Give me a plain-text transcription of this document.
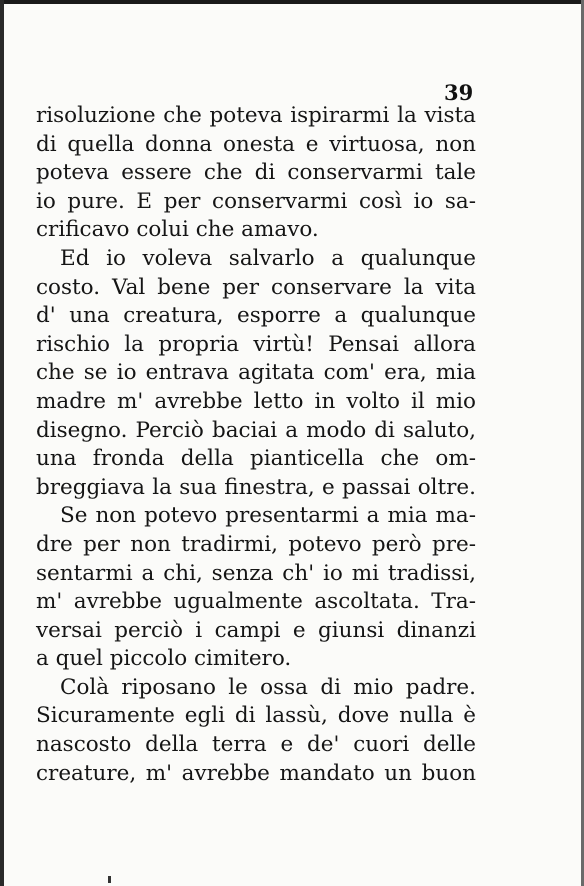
39
risoluzione che poteva ispirarmi la vista
di quella donna onesta e virtuosa, non
poteva essere che di conservarmi tale
io pure. E per conservarmi così io sa-
crificavo colui che amavo.
Ed io voleva salvarlo a qualunque
costo. Val bene per conservare la vita
d' una creatura, esporre a qualunque
rischio la propria virtù! Pensai allora
che se io entrava agitata com' era, mia
madre m' avrebbe letto in volto il mio
disegno. Perciò baciai a modo di saluto,
una fronda della pianticella che om-
breggiava la sua finestra, e passai oltre.
Se non potevo presentarmi a mia ma-
dre per non tradirmi, potevo però pre-
sentarmi a chi, senza ch' io mi tradissi,
m' avrebbe ugualmente ascoltata. Tra-
versai perciò i campi e giunsi dinanzi
a quel piccolo cimitero.
Colà riposano le ossa di mio padre.
Sicuramente egli di lassù, dove nulla è
nascosto della terra e de' cuori delle
creature, m' avrebbe mandato un buon
